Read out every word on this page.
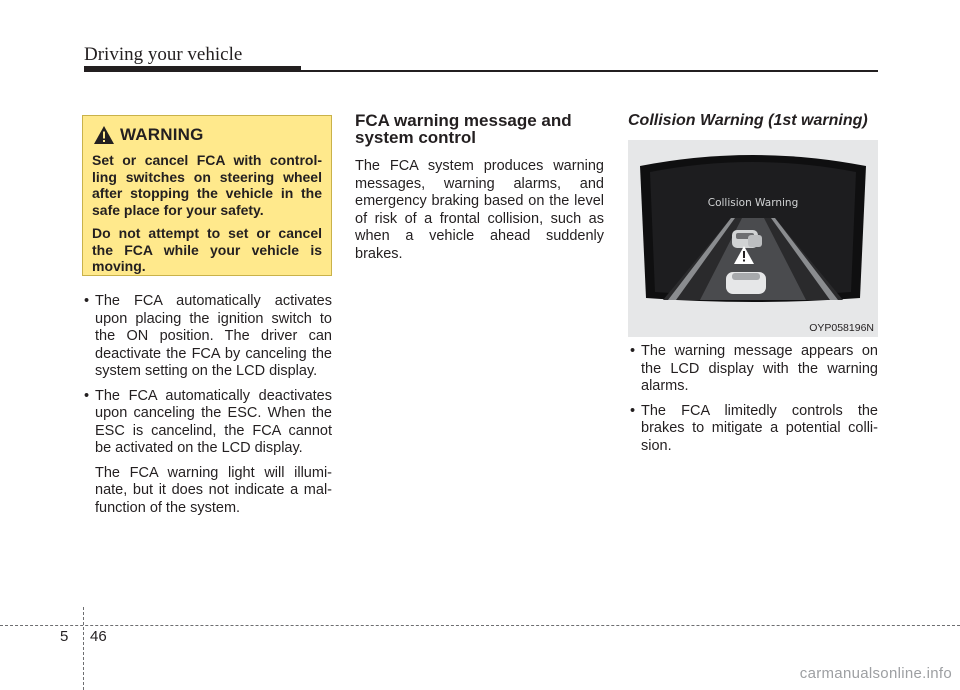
Driving your vehicle
WARNING

Set or cancel FCA with control-ling switches on steering wheel after stopping the vehicle in the safe place for your safety.

Do not attempt to set or cancel the FCA while your vehicle is moving.

• The FCA automatically activates upon placing the ignition switch to the ON position. The driver can deactivate the FCA by canceling the system setting on the LCD display.
• The FCA automatically deactivates upon canceling the ESC. When the ESC is cancelind, the FCA cannot be activated on the LCD display.
The FCA warning light will illumi-nate, but it does not indicate a mal-function of the system.
FCA warning message and system control

The FCA system produces warning messages, warning alarms, and emergency braking based on the level of risk of a frontal collision, such as when a vehicle ahead suddenly brakes.

Collision Warning (1st warning)
Collision Warning
OYP058196N
• The warning message appears on the LCD display with the warning alarms.
• The FCA limitedly controls the brakes to mitigate a potential colli-sion.
5 46
carmanualsonline.info
